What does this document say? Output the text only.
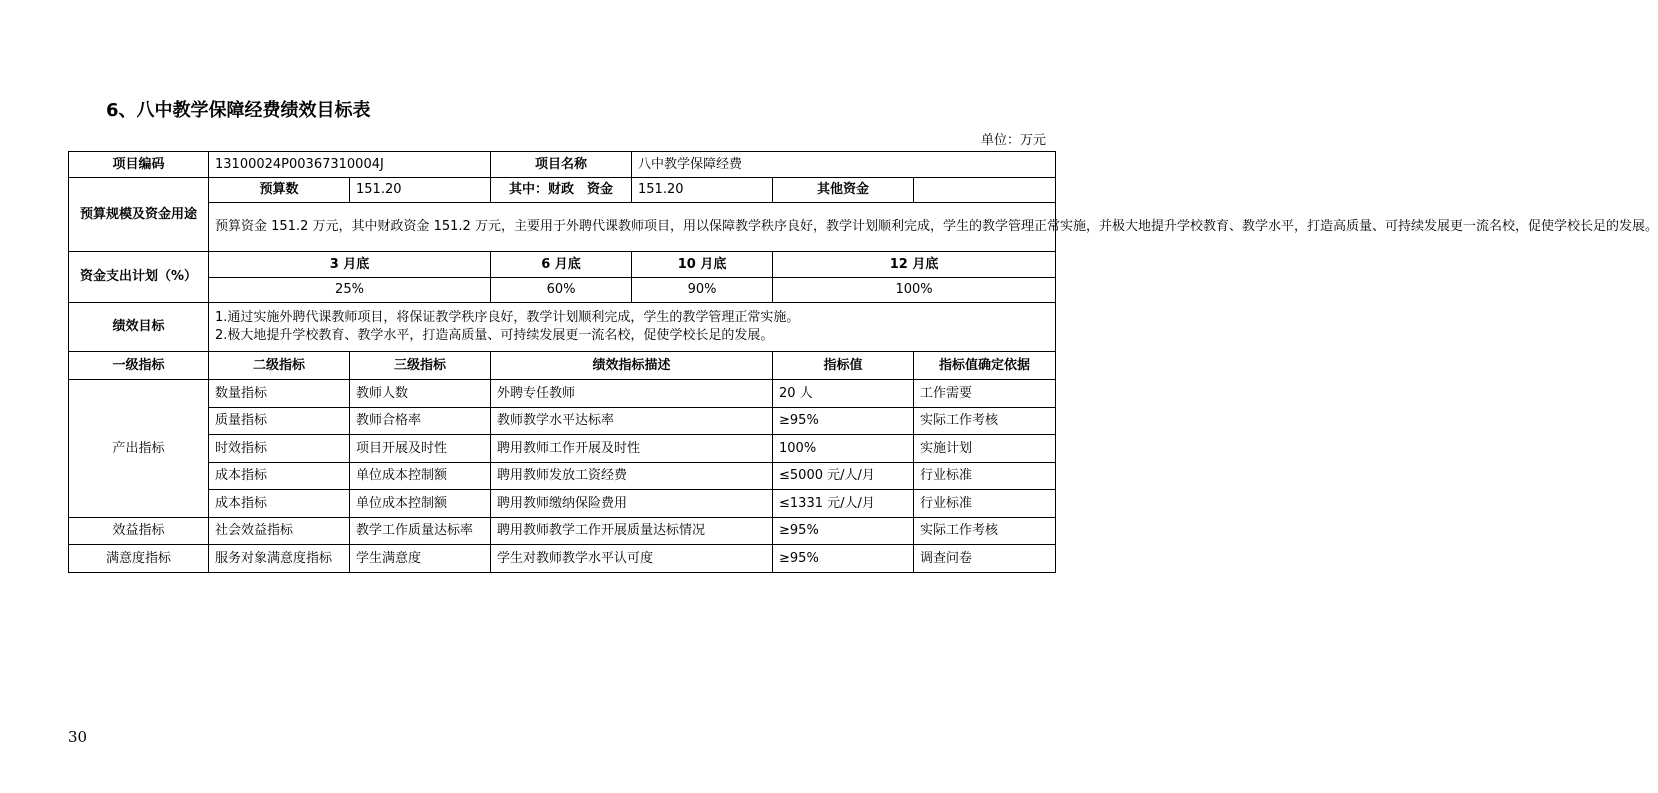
6、八中教学保障经费绩效目标表
单位：万元
项目编码	13100024P00367310004J		项目名称	八中教学保障经费		
预算规模及资金用途	预算数	151.20	其中：财政　资金	151.20	其他资金	
	预算资金 151.2 万元，其中财政资金 151.2 万元，主要用于外聘代课教师项目，用以保障教学秩序良好，教学计划顺利完成，学生的教学管理正常实施，并极大地提升学校教育、教学水平，打造高质量、可持续发展更一流名校，促使学校长足的发展。					
资金支出计划（%）	3 月底		6 月底	10 月底	12 月底	
	25%		60%	90%	100%	
绩效目标	1.通过实施外聘代课教师项目，将保证教学秩序良好，教学计划顺利完成，学生的教学管理正常实施。
2.极大地提升学校教育、教学水平，打造高质量、可持续发展更一流名校，促使学校长足的发展。					

一级指标	二级指标	三级指标	绩效指标描述		指标值	指标值确定依据
产出指标	数量指标	教师人数	外聘专任教师		20 人	工作需要
	质量指标	教师合格率	教师教学水平达标率		≥95%	实际工作考核
	时效指标	项目开展及时性	聘用教师工作开展及时性		100%	实施计划
	成本指标	单位成本控制额	聘用教师发放工资经费		≤5000 元/人/月	行业标准
	成本指标	单位成本控制额	聘用教师缴纳保险费用		≤1331 元/人/月	行业标准
效益指标	社会效益指标	教学工作质量达标率	聘用教师教学工作开展质量达标情况		≥95%	实际工作考核
满意度指标	服务对象满意度指标	学生满意度	学生对教师教学水平认可度		≥95%	调查问卷
30
